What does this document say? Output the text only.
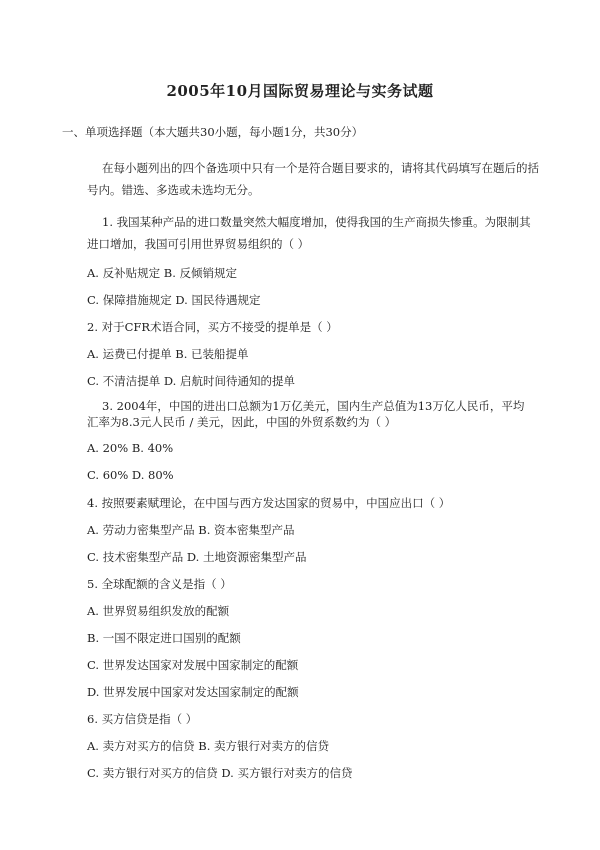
2005年10月国际贸易理论与实务试题
一、单项选择题（本大题共30小题，每小题1分，共30分）
在每小题列出的四个备选项中只有一个是符合题目要求的，请将其代码填写在题后的括
号内。错选、多选或未选均无分。
1. 我国某种产品的进口数量突然大幅度增加，使得我国的生产商损失惨重。为限制其
进口增加，我国可引用世界贸易组织的（ ）
A. 反补贴规定 B. 反倾销规定
C. 保障措施规定 D. 国民待遇规定
2. 对于CFR术语合同，买方不接受的提单是（ ）
A. 运费已付提单 B. 已装船提单
C. 不清洁提单 D. 启航时间待通知的提单
3. 2004年，中国的进出口总额为1万亿美元，国内生产总值为13万亿人民币，平均
汇率为8.3元人民币 / 美元，因此，中国的外贸系数约为（ ）
A. 20% B. 40%
C. 60% D. 80%
4. 按照要素赋理论，在中国与西方发达国家的贸易中，中国应出口（ ）
A. 劳动力密集型产品 B. 资本密集型产品
C. 技术密集型产品 D. 土地资源密集型产品
5. 全球配额的含义是指（ ）
A. 世界贸易组织发放的配额
B. 一国不限定进口国别的配额
C. 世界发达国家对发展中国家制定的配额
D. 世界发展中国家对发达国家制定的配额
6. 买方信贷是指（ ）
A. 卖方对买方的信贷 B. 卖方银行对卖方的信贷
C. 卖方银行对买方的信贷 D. 买方银行对卖方的信贷
